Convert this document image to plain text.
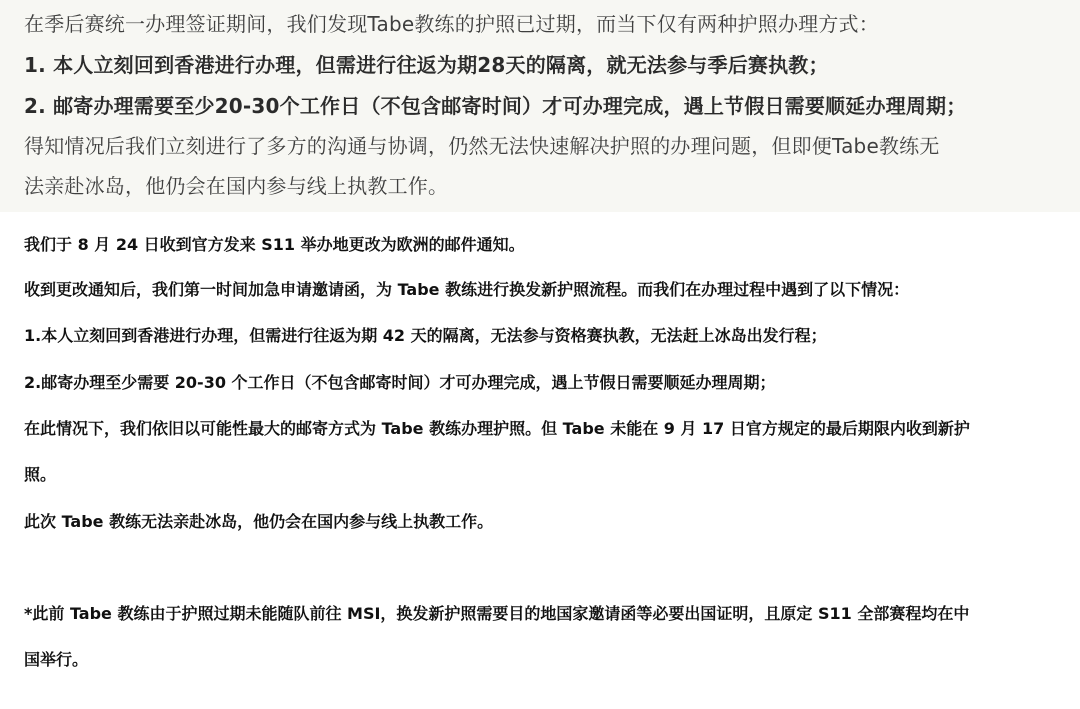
在季后赛统一办理签证期间，我们发现Tabe教练的护照已过期，而当下仅有两种护照办理方式：

1. 本人立刻回到香港进行办理，但需进行往返为期28天的隔离，就无法参与季后赛执教；

2. 邮寄办理需要至少20-30个工作日（不包含邮寄时间）才可办理完成，遇上节假日需要顺延办理周期；

得知情况后我们立刻进行了多方的沟通与协调，仍然无法快速解决护照的办理问题，但即便Tabe教练无

法亲赴冰岛，他仍会在国内参与线上执教工作。

我们于 8 月 24 日收到官方发来 S11 举办地更改为欧洲的邮件通知。

收到更改通知后，我们第一时间加急申请邀请函，为 Tabe 教练进行换发新护照流程。而我们在办理过程中遇到了以下情况：

1.本人立刻回到香港进行办理，但需进行往返为期 42 天的隔离，无法参与资格赛执教，无法赶上冰岛出发行程；

2.邮寄办理至少需要 20-30 个工作日（不包含邮寄时间）才可办理完成，遇上节假日需要顺延办理周期；

在此情况下，我们依旧以可能性最大的邮寄方式为 Tabe 教练办理护照。但 Tabe 未能在 9 月 17 日官方规定的最后期限内收到新护

照。

此次 Tabe 教练无法亲赴冰岛，他仍会在国内参与线上执教工作。

*此前 Tabe 教练由于护照过期未能随队前往 MSI，换发新护照需要目的地国家邀请函等必要出国证明，且原定 S11 全部赛程均在中

国举行。
